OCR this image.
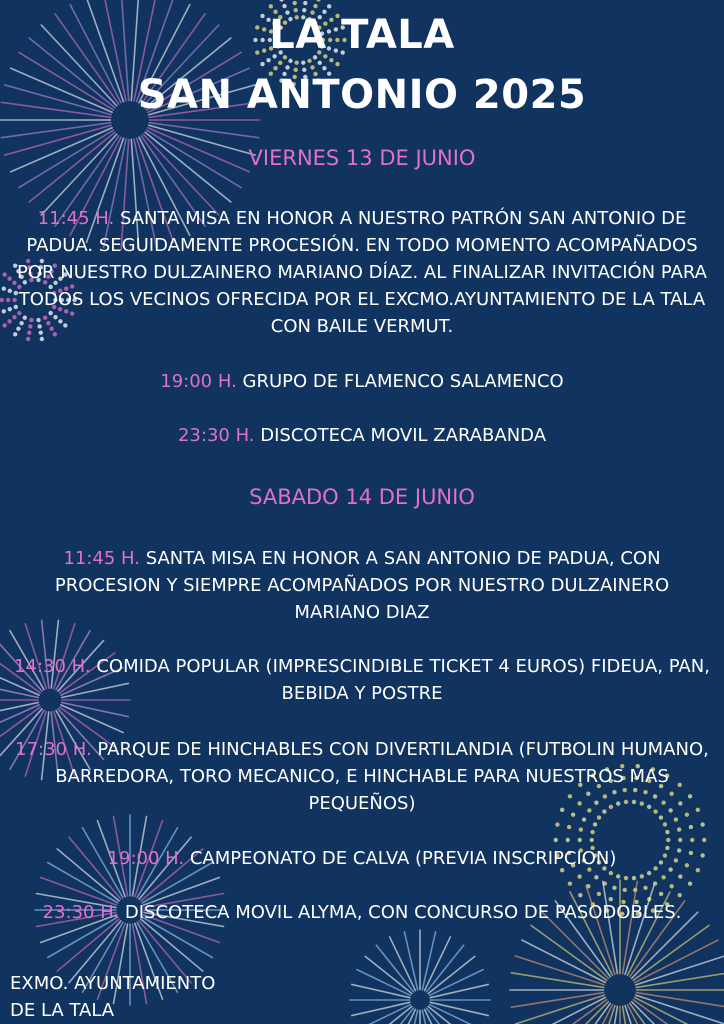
LA TALA
SAN ANTONIO 2025
VIERNES 13 DE JUNIO
11:45 H. SANTA MISA EN HONOR A NUESTRO PATRÓN SAN ANTONIO DE PADUA. SEGUIDAMENTE PROCESIÓN. EN TODO MOMENTO ACOMPAÑADOS POR NUESTRO DULZAINERO MARIANO DÍAZ. AL FINALIZAR INVITACIÓN PARA TODOS LOS VECINOS OFRECIDA POR EL EXCMO.AYUNTAMIENTO DE LA TALA CON BAILE VERMUT.
19:00 H. GRUPO DE FLAMENCO SALAMENCO
23:30 H. DISCOTECA MOVIL ZARABANDA
SABADO 14 DE JUNIO
11:45 H. SANTA MISA EN HONOR A SAN ANTONIO DE PADUA, CON PROCESION Y SIEMPRE ACOMPAÑADOS POR NUESTRO DULZAINERO MARIANO DIAZ
14:30 H. COMIDA POPULAR (IMPRESCINDIBLE TICKET 4 EUROS) FIDEUA, PAN, BEBIDA Y POSTRE
17:30 H. PARQUE DE HINCHABLES CON DIVERTILANDIA (FUTBOLIN HUMANO, BARREDORA, TORO MECANICO, E HINCHABLE PARA NUESTROS MAS PEQUEÑOS)
19:00 H. CAMPEONATO DE CALVA (PREVIA INSCRIPCION)
23:30 H. DISCOTECA MOVIL ALYMA, CON CONCURSO DE PASODOBLES.
EXMO. AYUNTAMIENTO
DE LA TALA
